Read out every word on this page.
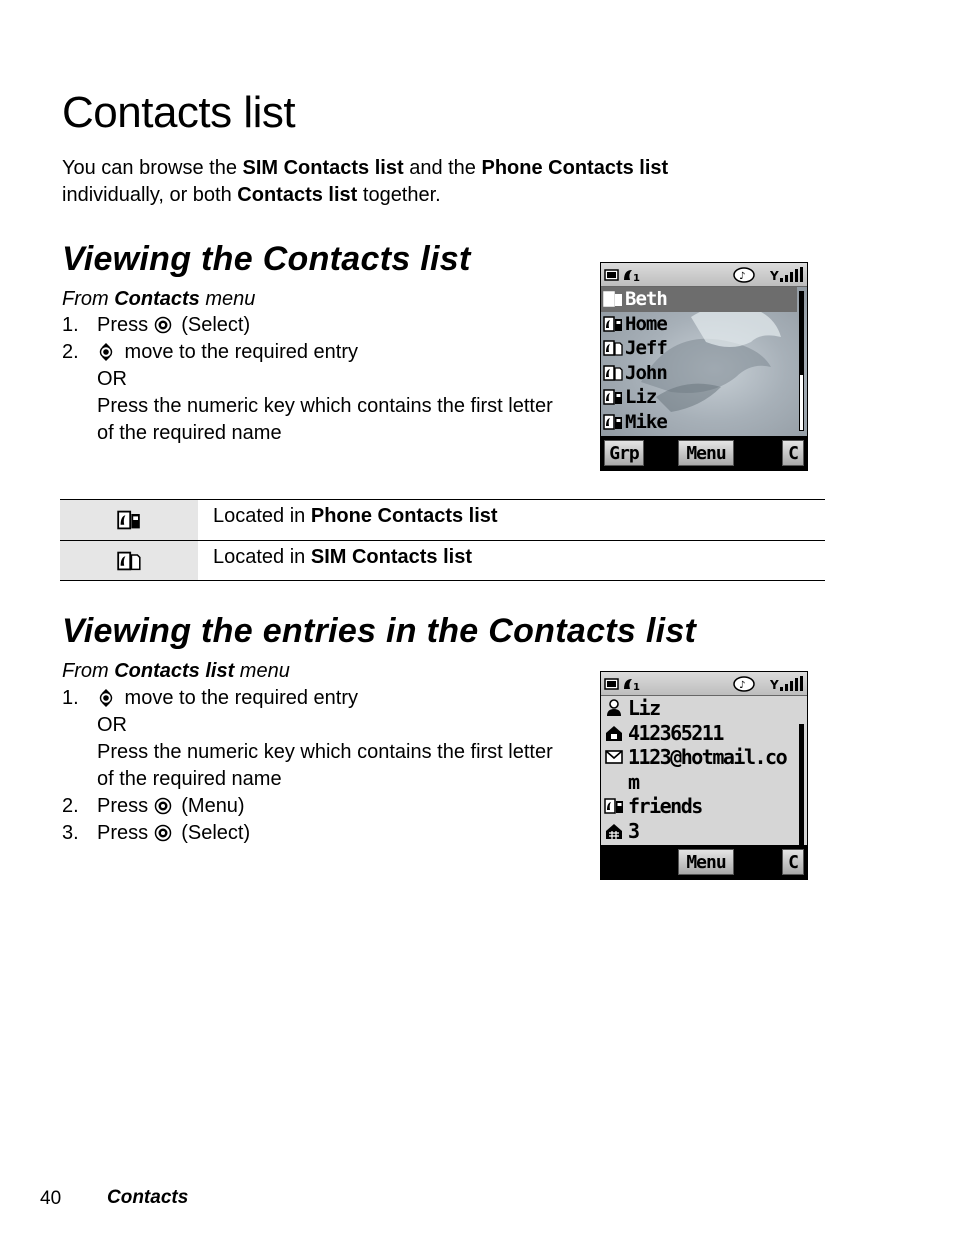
Contacts list

You can browse the SIM Contacts list and the Phone Contacts list
individually, or both Contacts list together.

Viewing the Contacts list
From Contacts menu
1. Press  (Select)
2.	move to the required entry
OR
Press the numeric key which contains the first letter of the required name
1	♪ Y
Beth
Home
Jeff
John
Liz
Mike
Grp	Menu	C
Located in Phone Contacts list
Located in SIM Contacts list
Viewing the entries in the Contacts list
From Contacts list menu
1.	move to the required entry
OR
Press the numeric key which contains the first letter of the required name
2. Press  (Menu)
3. Press  (Select)
1	♪ Y
Liz
412365211
1123@hotmail.co
m
friends
3
Menu	C
40 Contacts
